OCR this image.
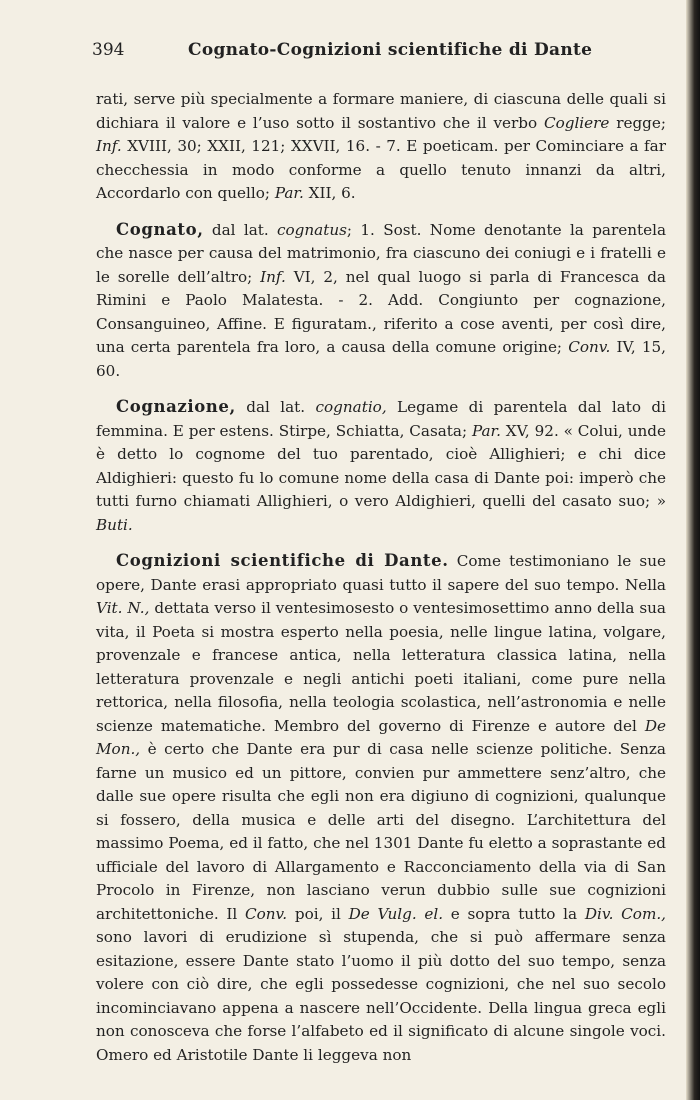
394	Cognato-Cognizioni scientifiche di Dante

rati, serve più specialmente a formare maniere, di ciascuna delle quali si dichiara il valore e l’uso sotto il sostantivo che il verbo Cogliere regge; Inf. XVIII, 30; XXII, 121; XXVII, 16. - 7. E poeticam. per Cominciare a far checchessia in modo conforme a quello tenuto innanzi da altri, Accordarlo con quello; Par. XII, 6.

Cognato, dal lat. cognatus; 1. Sost. Nome denotante la parentela che nasce per causa del matrimonio, fra ciascuno dei coniugi e i fratelli e le sorelle dell’altro; Inf. VI, 2, nel qual luogo si parla di Francesca da Rimini e Paolo Malatesta. - 2. Add. Congiunto per cognazione, Consanguineo, Affine. E figuratam., riferito a cose aventi, per così dire, una certa parentela fra loro, a causa della comune origine; Conv. IV, 15, 60.

Cognazione, dal lat. cognatio, Legame di parentela dal lato di femmina. E per estens. Stirpe, Schiatta, Casata; Par. XV, 92. « Colui, unde è detto lo cognome del tuo parentado, cioè Allighieri; e chi dice Aldighieri: questo fu lo comune nome della casa di Dante poi: imperò che tutti furno chiamati Allighieri, o vero Aldighieri, quelli del casato suo; » Buti.

Cognizioni scientifiche di Dante. Come testimoniano le sue opere, Dante erasi appropriato quasi tutto il sapere del suo tempo. Nella Vit. N., dettata verso il ventesimosesto o ventesimosettimo anno della sua vita, il Poeta si mostra esperto nella poesia, nelle lingue latina, volgare, provenzale e francese antica, nella letteratura classica latina, nella letteratura provenzale e negli antichi poeti italiani, come pure nella rettorica, nella filosofia, nella teologia scolastica, nell’astronomia e nelle scienze matematiche. Membro del governo di Firenze e autore del De Mon., è certo che Dante era pur di casa nelle scienze politiche. Senza farne un musico ed un pittore, convien pur ammettere senz’altro, che dalle sue opere risulta che egli non era digiuno di cognizioni, qualunque si fossero, della musica e delle arti del disegno. L’architettura del massimo Poema, ed il fatto, che nel 1301 Dante fu eletto a soprastante ed ufficiale del lavoro di Allargamento e Racconciamento della via di San Procolo in Firenze, non lasciano verun dubbio sulle sue cognizioni architettoniche. Il Conv. poi, il De Vulg. el. e sopra tutto la Div. Com., sono lavori di erudizione sì stupenda, che si può affermare senza esitazione, essere Dante stato l’uomo il più dotto del suo tempo, senza volere con ciò dire, che egli possedesse cognizioni, che nel suo secolo incominciavano appena a nascere nell’Occidente. Della lingua greca egli non conosceva che forse l’alfabeto ed il significato di alcune singole voci. Omero ed Aristotile Dante li leggeva non
